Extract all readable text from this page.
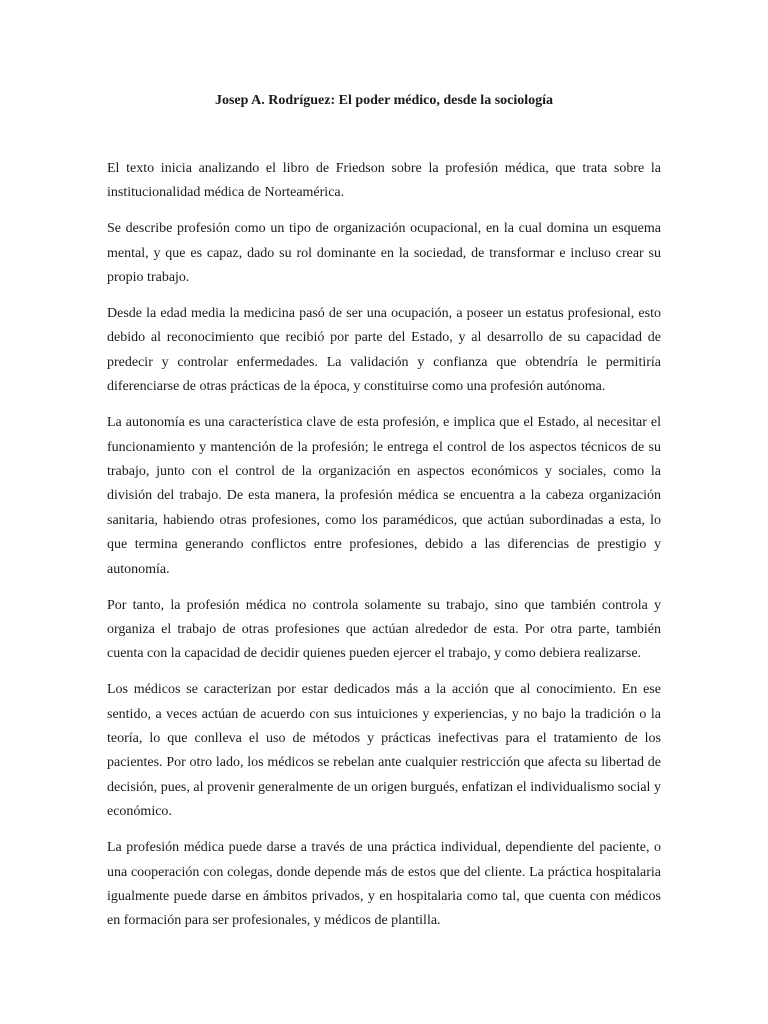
Josep A. Rodríguez: El poder médico, desde la sociología

El texto inicia analizando el libro de Friedson sobre la profesión médica, que trata sobre la institucionalidad médica de Norteamérica.

Se describe profesión como un tipo de organización ocupacional, en la cual domina un esquema mental, y que es capaz, dado su rol dominante en la sociedad, de transformar e incluso crear su propio trabajo.

Desde la edad media la medicina pasó de ser una ocupación, a poseer un estatus profesional, esto debido al reconocimiento que recibió por parte del Estado, y al desarrollo de su capacidad de predecir y controlar enfermedades. La validación y confianza que obtendría le permitiría diferenciarse de otras prácticas de la época, y constituirse como una profesión autónoma.

La autonomía es una característica clave de esta profesión, e implica que el Estado, al necesitar el funcionamiento y mantención de la profesión; le entrega el control de los aspectos técnicos de su trabajo, junto con el control de la organización en aspectos económicos y sociales, como la división del trabajo. De esta manera, la profesión médica se encuentra a la cabeza organización sanitaria, habiendo otras profesiones, como los paramédicos, que actúan subordinadas a esta, lo que termina generando conflictos entre profesiones, debido a las diferencias de prestigio y autonomía.

Por tanto, la profesión médica no controla solamente su trabajo, sino que también controla y organiza el trabajo de otras profesiones que actúan alrededor de esta. Por otra parte, también cuenta con la capacidad de decidir quienes pueden ejercer el trabajo, y como debiera realizarse.

Los médicos se caracterizan por estar dedicados más a la acción que al conocimiento. En ese sentido, a veces actúan de acuerdo con sus intuiciones y experiencias, y no bajo la tradición o la teoría, lo que conlleva el uso de métodos y prácticas inefectivas para el tratamiento de los pacientes. Por otro lado, los médicos se rebelan ante cualquier restricción que afecta su libertad de decisión, pues, al provenir generalmente de un origen burgués, enfatizan el individualismo social y económico.

La profesión médica puede darse a través de una práctica individual, dependiente del paciente, o una cooperación con colegas, donde depende más de estos que del cliente. La práctica hospitalaria igualmente puede darse en ámbitos privados, y en hospitalaria como tal, que cuenta con médicos en formación para ser profesionales, y médicos de plantilla.
